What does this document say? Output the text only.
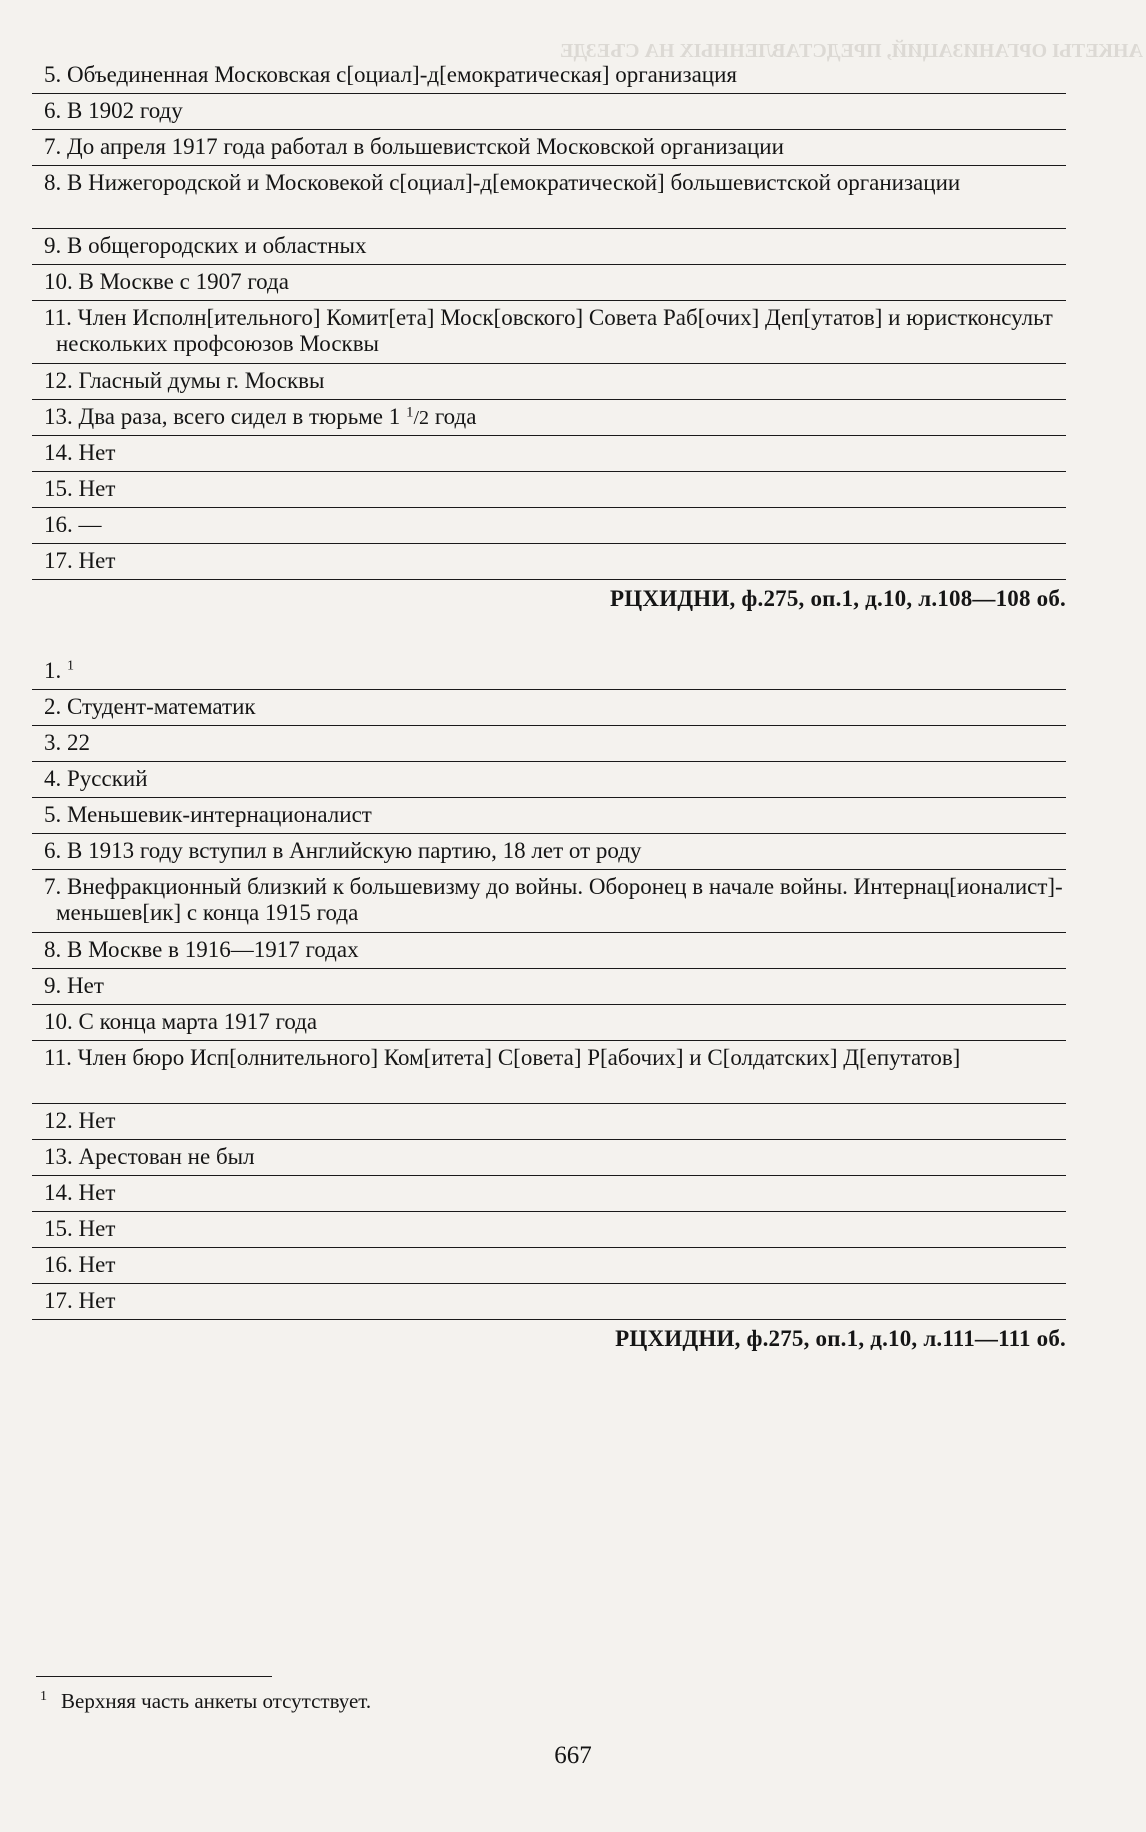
АНКЕТЫ ОРГАНИЗАЦИЙ, ПРЕДСТАВЛЕННЫХ НА СЪЕЗДЕ
5. Объединенная Московская с[оциал]-д[емократическая] организация
6. В 1902 году
7. До апреля 1917 года работал в большевистской Московской организации
8. В Нижегородской и Московекой с[оциал]-д[емократической] большевистской организации
9. В общегородских и областных
10. В Москве с 1907 года
11. Член Исполн[ительного] Комит[ета] Моск[овского] Совета Раб[очих] Деп[утатов] и юристконсульт нескольких профсоюзов Москвы
12. Гласный думы г. Москвы
13. Два раза, всего сидел в тюрьме 1 $^1$/2 года
14. Нет
15. Нет
16. —
17. Нет
РЦХИДНИ, ф.275, оп.1, д.10, л.108—108 об.
1. $^1$
2. Студент-математик
3. 22
4. Русский
5. Меньшевик-интернационалист
6. В 1913 году вступил в Английскую партию, 18 лет от роду
7. Внефракционный близкий к большевизму до войны. Оборонец в начале войны. Интернац[ионалист]-меньшев[ик] с конца 1915 года
8. В Москве в 1916—1917 годах
9. Нет
10. С конца марта 1917 года
11. Член бюро Исп[олнительного] Ком[итета] С[овета] Р[абочих] и С[олдатских] Д[епутатов]
12. Нет
13. Арестован не был
14. Нет
15. Нет
16. Нет
17. Нет
РЦХИДНИ, ф.275, оп.1, д.10, л.111—111 об.
$^1$ Верхняя часть анкеты отсутствует.
667
